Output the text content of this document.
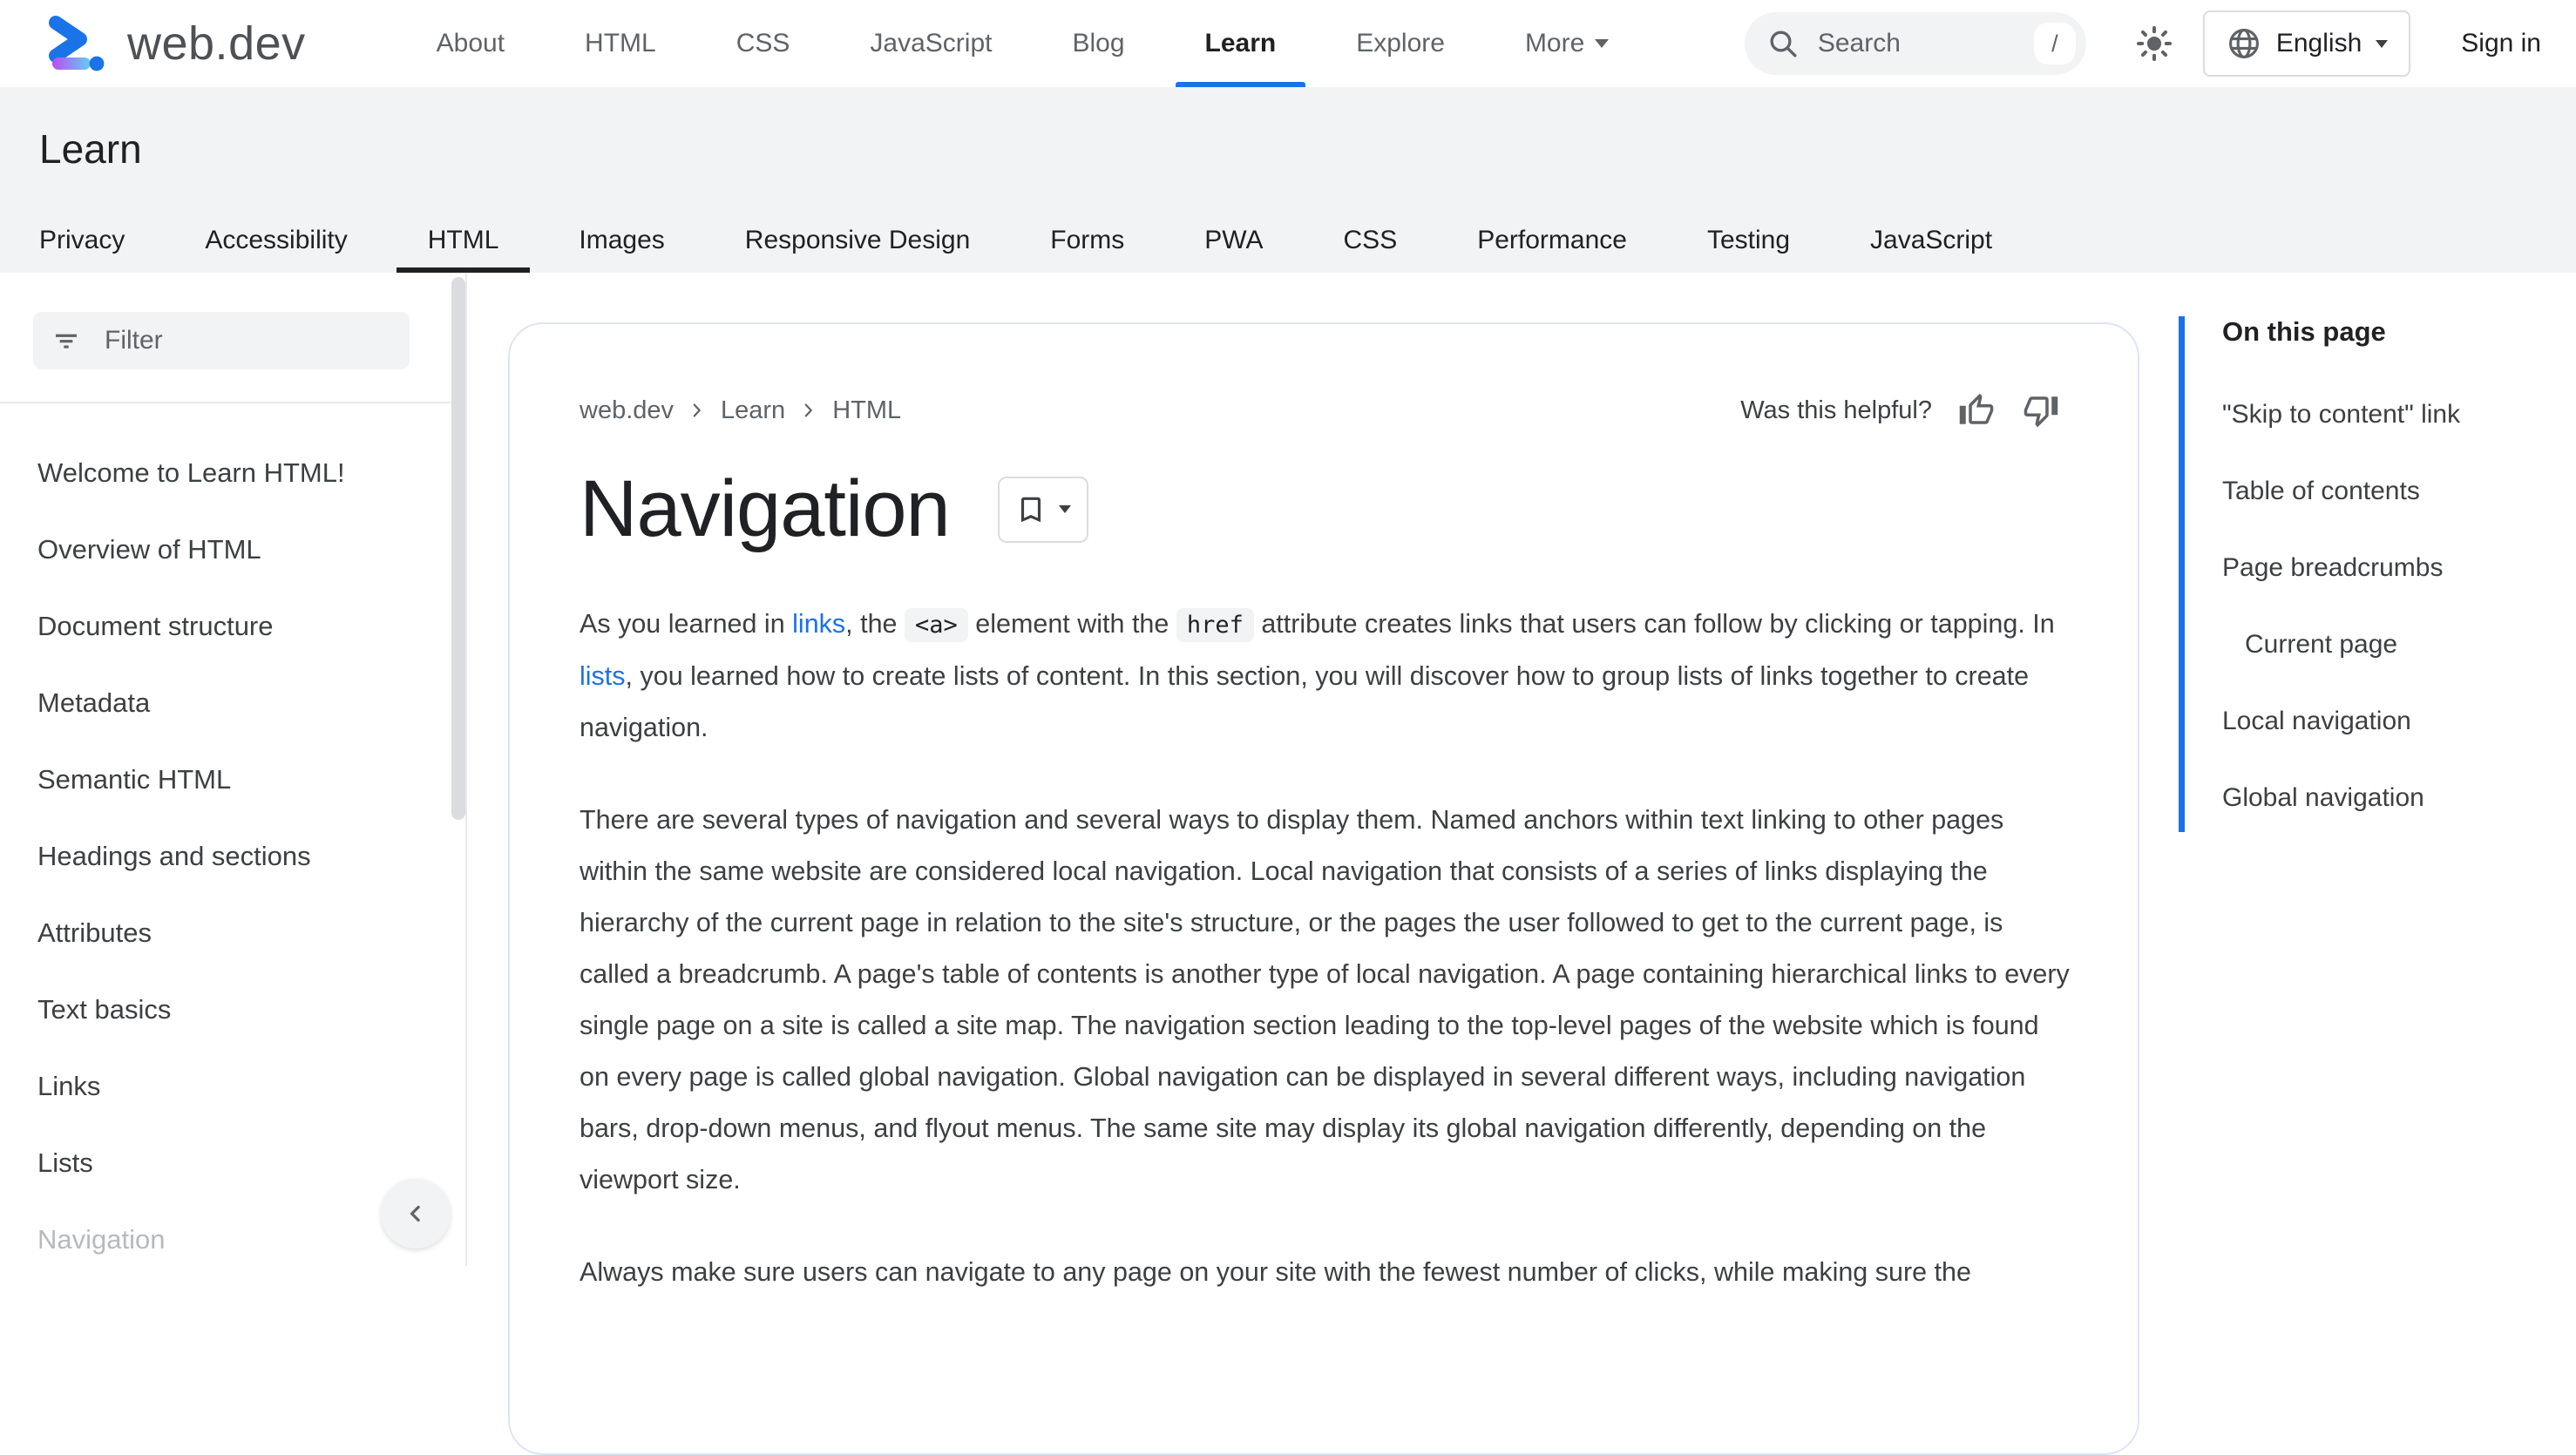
web.dev	About	HTML	CSS	JavaScript	Blog	Learn	Explore	More	Search	/	English	Sign in
Learn
Privacy	Accessibility	HTML	Images	Responsive Design	Forms	PWA	CSS	Performance	Testing	JavaScript
Filter
Welcome to Learn HTML!
Overview of HTML
Document structure
Metadata
Semantic HTML
Headings and sections
Attributes
Text basics
Links
Lists
Navigation
web.dev Learn HTML	Was this helpful?
Navigation

As you learned in links, the <a> element with the href attribute creates links that users can follow by clicking or tapping. In lists, you learned how to create lists of content. In this section, you will discover how to group lists of links together to create navigation.

There are several types of navigation and several ways to display them. Named anchors within text linking to other pages within the same website are considered local navigation. Local navigation that consists of a series of links displaying the hierarchy of the current page in relation to the site's structure, or the pages the user followed to get to the current page, is called a breadcrumb. A page's table of contents is another type of local navigation. A page containing hierarchical links to every single page on a site is called a site map. The navigation section leading to the top-level pages of the website which is found on every page is called global navigation. Global navigation can be displayed in several different ways, including navigation bars, drop-down menus, and flyout menus. The same site may display its global navigation differently, depending on the viewport size.

Always make sure users can navigate to any page on your site with the fewest number of clicks, while making sure the

On this page
"Skip to content" link
Table of contents
Page breadcrumbs
Current page
Local navigation
Global navigation
